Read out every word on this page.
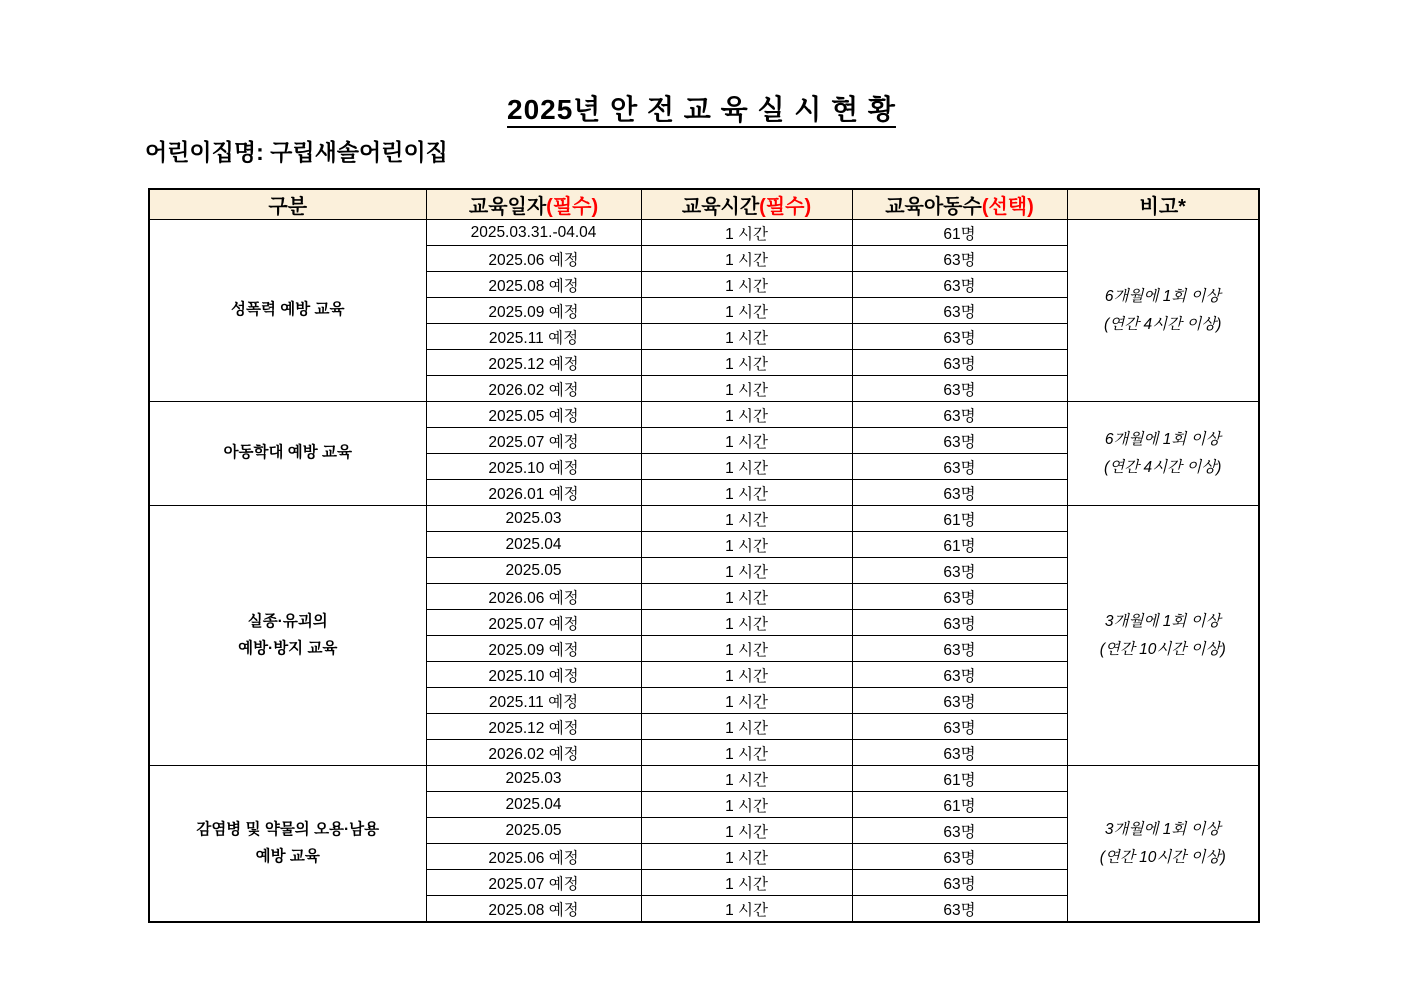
2025년 안 전 교 육 실 시 현 황
어린이집명: 구립새솔어린이집
구분	교육일자(필수)	교육시간(필수)	교육아동수(선택)	비고*

성폭력 예방 교육	2025.03.31.-04.04	1 시간	61명	6개월에 1회 이상
(연간 4시간 이상)

	2025.06 예정	1 시간	63명	
	2025.08 예정	1 시간	63명	
	2025.09 예정	1 시간	63명	
	2025.11 예정	1 시간	63명	
	2025.12 예정	1 시간	63명	
	2026.02 예정	1 시간	63명	

아동학대 예방 교육	2025.05 예정	1 시간	63명	6개월에 1회 이상
(연간 4시간 이상)

	2025.07 예정	1 시간	63명	
	2025.10 예정	1 시간	63명	
	2026.01 예정	1 시간	63명	

실종·유괴의
예방·방지 교육
	2025.03	1 시간	61명	
3개월에 1회 이상
(연간 10시간 이상)

	2025.04	1 시간	61명	
	2025.05	1 시간	63명	
	2026.06 예정	1 시간	63명	
	2025.07 예정	1 시간	63명	
	2025.09 예정	1 시간	63명	
	2025.10 예정	1 시간	63명	
	2025.11 예정	1 시간	63명	
	2025.12 예정	1 시간	63명	
	2026.02 예정	1 시간	63명	

감염병 및 약물의 오용·남용
예방 교육
	2025.03	1 시간	61명	
3개월에 1회 이상
(연간 10시간 이상)

	2025.04	1 시간	61명	
	2025.05	1 시간	63명	
	2025.06 예정	1 시간	63명	
	2025.07 예정	1 시간	63명	
	2025.08 예정	1 시간	63명	
